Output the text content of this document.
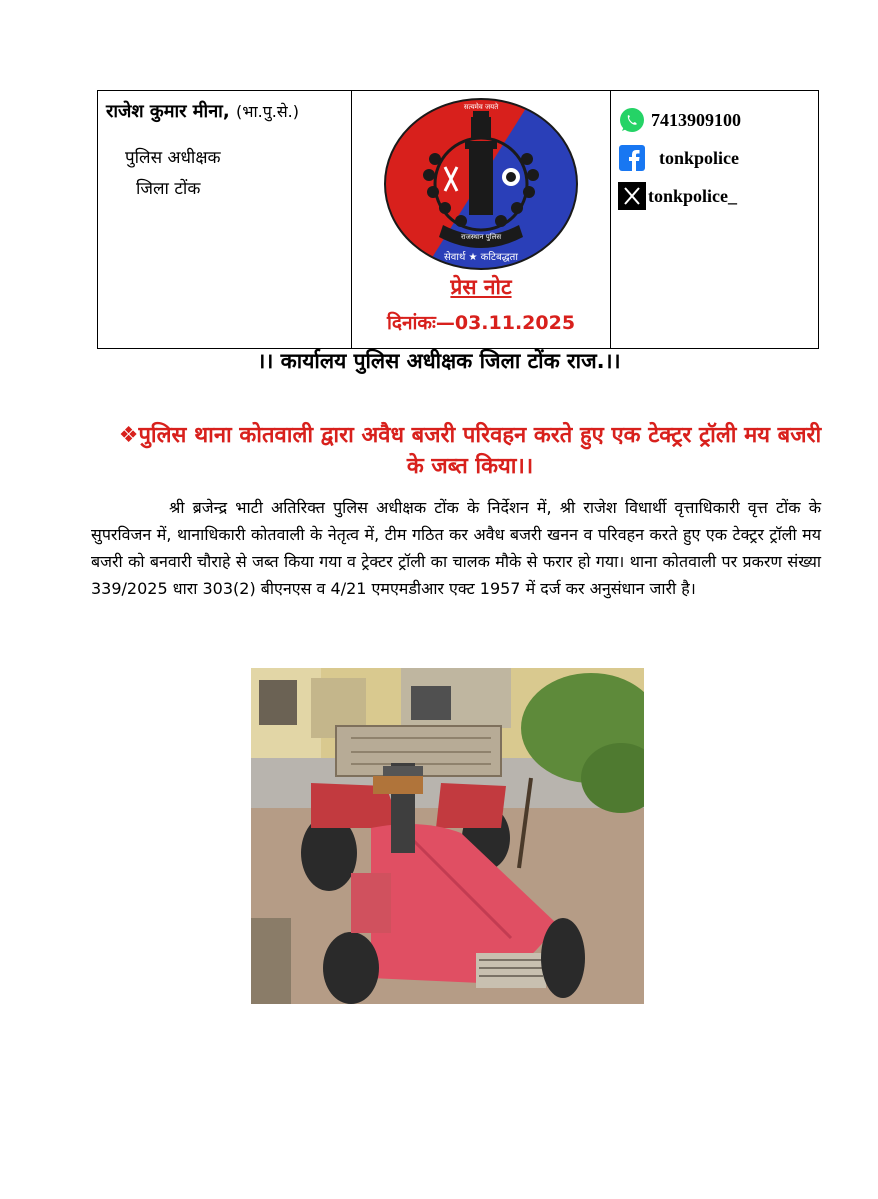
राजेश कुमार मीना, (भा.पु.से.)
पुलिस अधीक्षक
जिला टोंक

राजस्थान पुलिस
सत्यमेव जयते
सेवार्थ ★ कटिबद्धता
प्रेस नोट
दिनांकः—03.11.2025

7413909100
tonkpolice
tonkpolice_
।। कार्यालय पुलिस अधीक्षक जिला टोंक राज.।।
❖पुलिस थाना कोतवाली द्वारा अवैध बजरी परिवहन करते हुए एक टेक्ट्रर ट्रॉली मय बजरी के जब्त किया।।
श्री ब्रजेन्द्र भाटी अतिरिक्त पुलिस अधीक्षक टोंक के निर्देशन में, श्री राजेश विधार्थी वृत्ताधिकारी वृत्त टोंक के सुपरविजन में, थानाधिकारी कोतवाली के नेतृत्व में, टीम गठित कर अवैध बजरी खनन व परिवहन करते हुए एक टेक्ट्रर ट्रॉली मय बजरी को बनवारी चौराहे से जब्त किया गया व ट्रेक्टर ट्रॉली का चालक मौके से फरार हो गया। थाना कोतवाली पर प्रकरण संख्या 339/2025 धारा 303(2) बीएनएस व 4/21 एमएमडीआर एक्ट 1957 में दर्ज कर अनुसंधान जारी है।
